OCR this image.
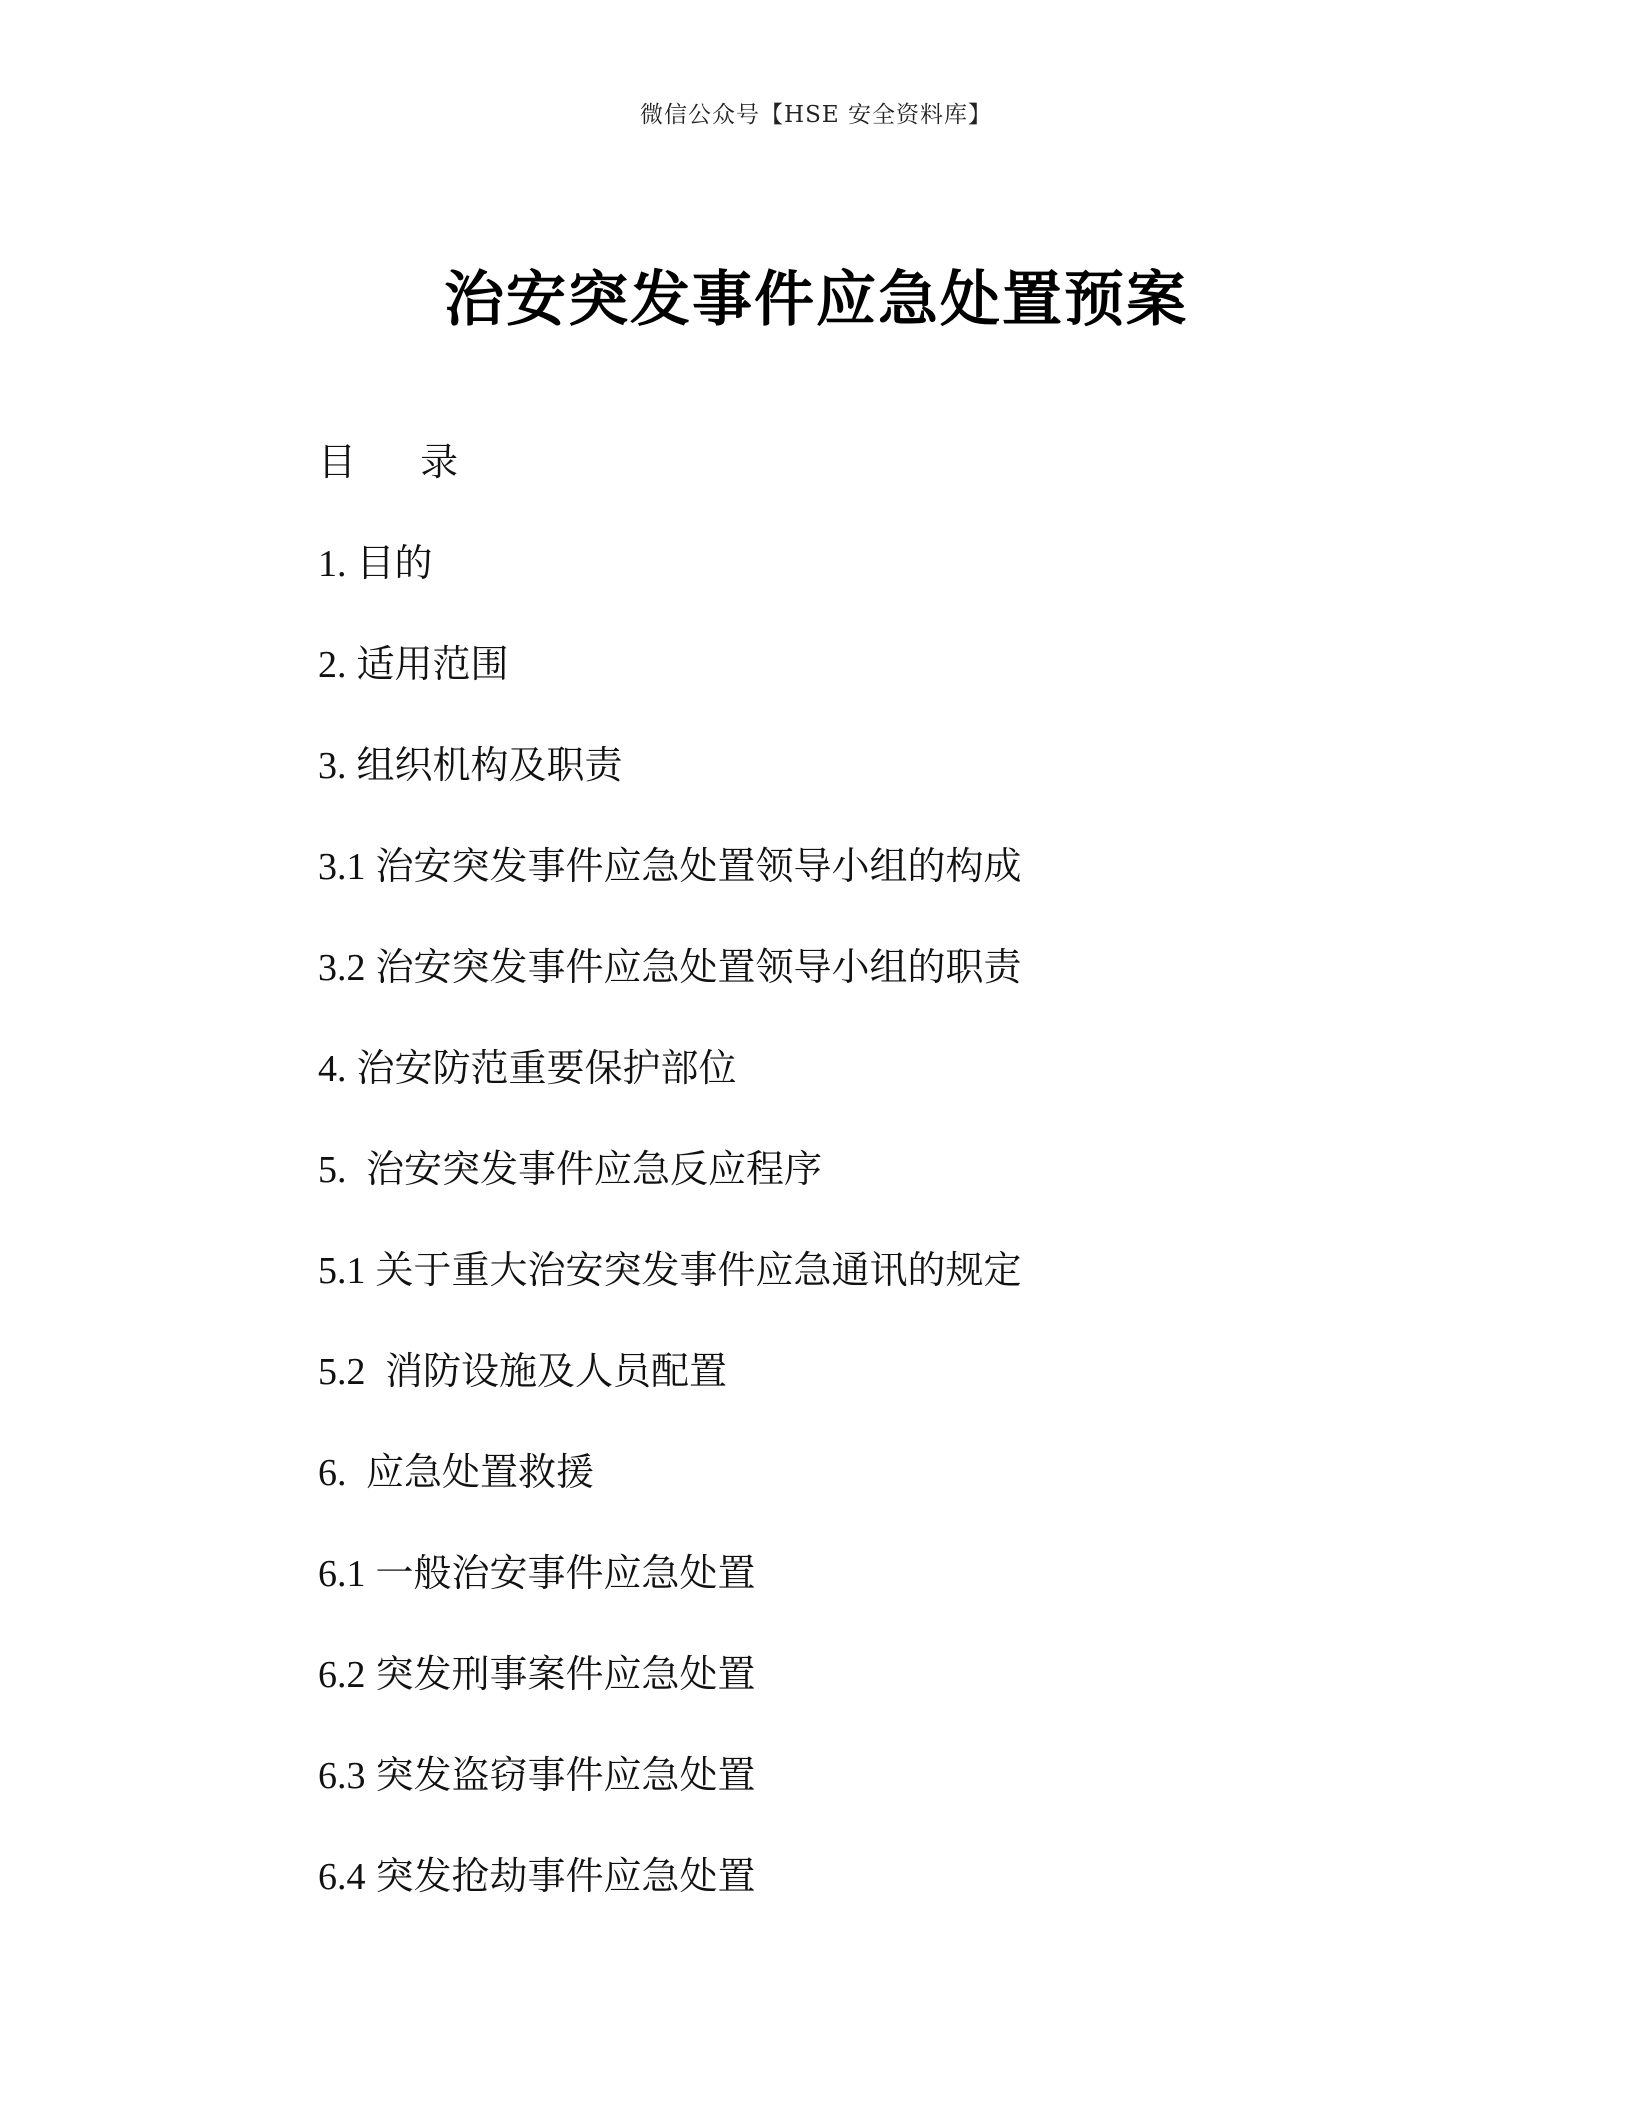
微信公众号【HSE 安全资料库】
治安突发事件应急处置预案
目 录
1. 目的
2. 适用范围
3. 组织机构及职责
3.1 治安突发事件应急处置领导小组的构成
3.2 治安突发事件应急处置领导小组的职责
4. 治安防范重要保护部位
5. 治安突发事件应急反应程序
5.1 关于重大治安突发事件应急通讯的规定
5.2 消防设施及人员配置
6. 应急处置救援
6.1 一般治安事件应急处置
6.2 突发刑事案件应急处置
6.3 突发盗窃事件应急处置
6.4 突发抢劫事件应急处置
